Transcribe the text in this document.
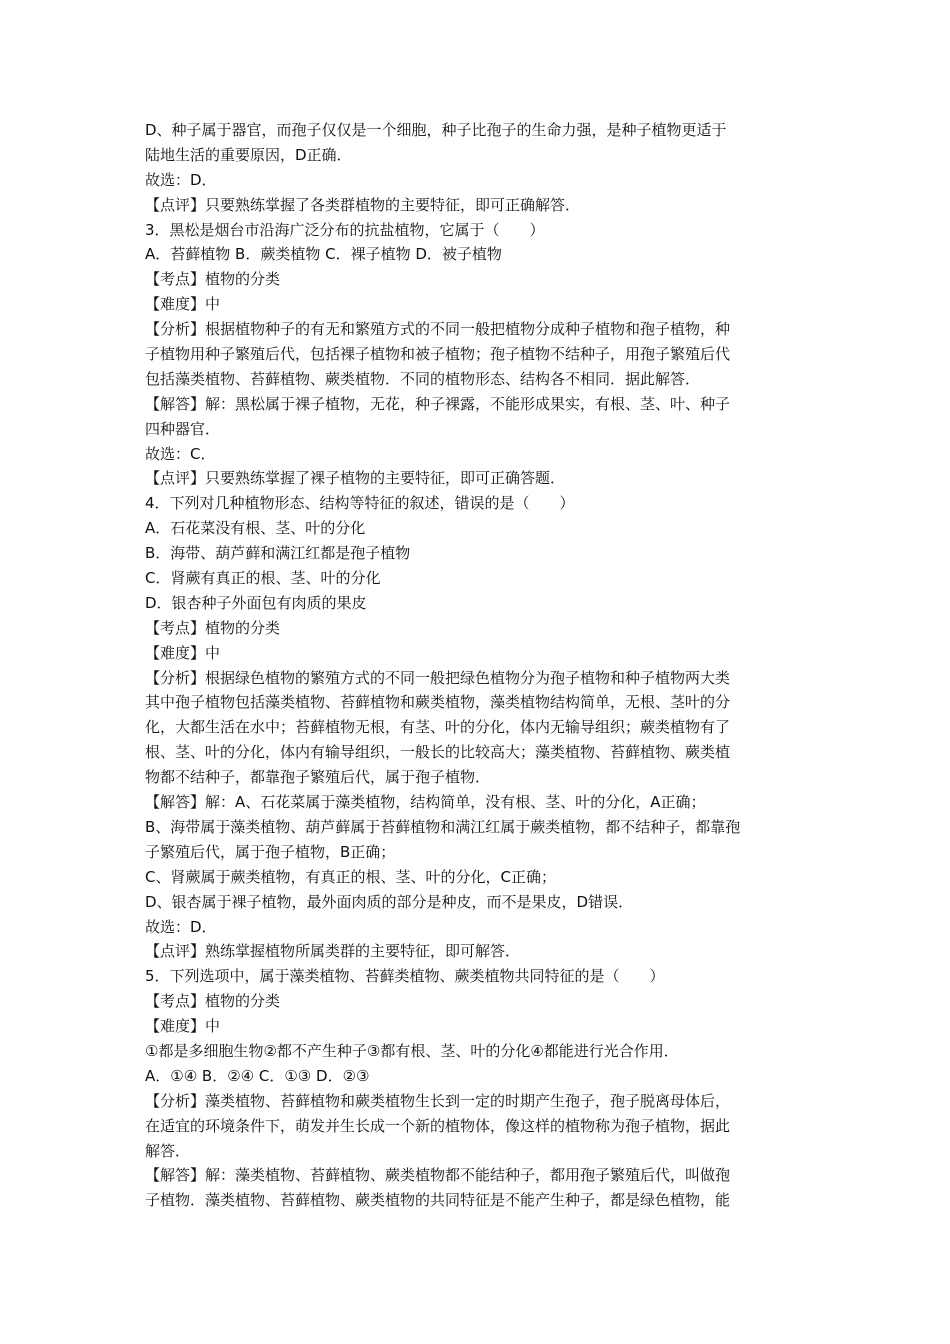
D、种子属于器官，而孢子仅仅是一个细胞，种子比孢子的生命力强，是种子植物更适于
陆地生活的重要原因，D正确．
故选：D．
【点评】只要熟练掌握了各类群植物的主要特征，即可正确解答．
3．黑松是烟台市沿海广泛分布的抗盐植物，它属于（　　）
A．苔藓植物 B．蕨类植物 C．裸子植物 D．被子植物
【考点】植物的分类
【难度】中
【分析】根据植物种子的有无和繁殖方式的不同一般把植物分成种子植物和孢子植物，种
子植物用种子繁殖后代，包括裸子植物和被子植物；孢子植物不结种子，用孢子繁殖后代
包括藻类植物、苔藓植物、蕨类植物．不同的植物形态、结构各不相同．据此解答．
【解答】解：黑松属于裸子植物，无花，种子裸露，不能形成果实，有根、茎、叶、种子
四种器官．
故选：C．
【点评】只要熟练掌握了裸子植物的主要特征，即可正确答题．
4．下列对几种植物形态、结构等特征的叙述，错误的是（　　）
A．石花菜没有根、茎、叶的分化
B．海带、葫芦藓和满江红都是孢子植物
C．肾蕨有真正的根、茎、叶的分化
D．银杏种子外面包有肉质的果皮
【考点】植物的分类
【难度】中
【分析】根据绿色植物的繁殖方式的不同一般把绿色植物分为孢子植物和种子植物两大类
其中孢子植物包括藻类植物、苔藓植物和蕨类植物，藻类植物结构简单，无根、茎叶的分
化，大都生活在水中；苔藓植物无根，有茎、叶的分化，体内无输导组织；蕨类植物有了
根、茎、叶的分化，体内有输导组织，一般长的比较高大；藻类植物、苔藓植物、蕨类植
物都不结种子，都靠孢子繁殖后代，属于孢子植物．
【解答】解：A、石花菜属于藻类植物，结构简单，没有根、茎、叶的分化，A正确；
B、海带属于藻类植物、葫芦藓属于苔藓植物和满江红属于蕨类植物，都不结种子，都靠孢
子繁殖后代，属于孢子植物，B正确；
C、肾蕨属于蕨类植物，有真正的根、茎、叶的分化，C正确；
D、银杏属于裸子植物，最外面肉质的部分是种皮，而不是果皮，D错误．
故选：D．
【点评】熟练掌握植物所属类群的主要特征，即可解答．
5．下列选项中，属于藻类植物、苔藓类植物、蕨类植物共同特征的是（　　）
【考点】植物的分类
【难度】中
①都是多细胞生物②都不产生种子③都有根、茎、叶的分化④都能进行光合作用．
A．①④ B．②④ C．①③ D．②③
【分析】藻类植物、苔藓植物和蕨类植物生长到一定的时期产生孢子，孢子脱离母体后，
在适宜的环境条件下，萌发并生长成一个新的植物体，像这样的植物称为孢子植物，据此
解答．
【解答】解：藻类植物、苔藓植物、蕨类植物都不能结种子，都用孢子繁殖后代，叫做孢
子植物．藻类植物、苔藓植物、蕨类植物的共同特征是不能产生种子，都是绿色植物，能
